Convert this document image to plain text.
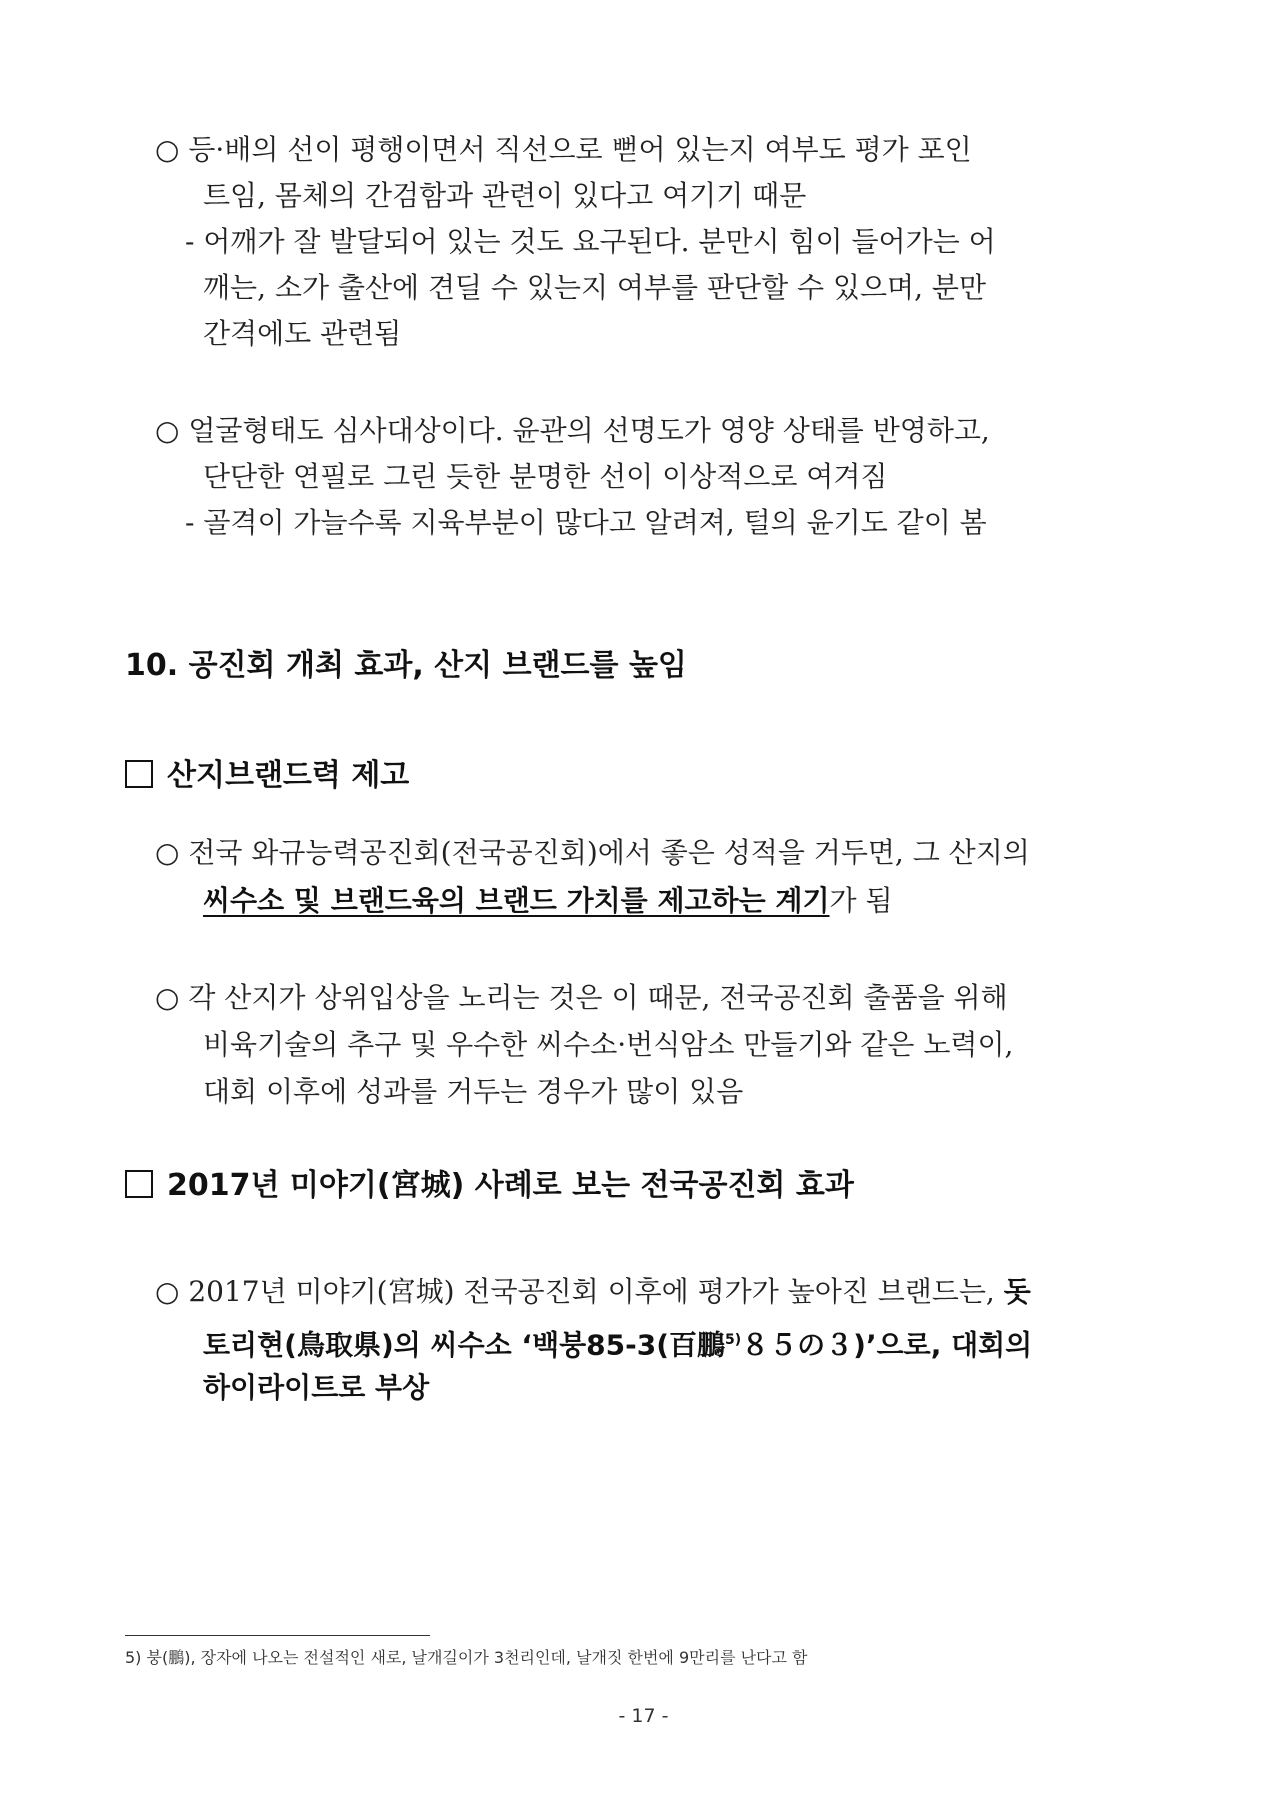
○ 등·배의 선이 평행이면서 직선으로 뻗어 있는지 여부도 평가 포인
트임, 몸체의 간검함과 관련이 있다고 여기기 때문
- 어깨가 잘 발달되어 있는 것도 요구된다. 분만시 힘이 들어가는 어
깨는, 소가 출산에 견딜 수 있는지 여부를 판단할 수 있으며, 분만
간격에도 관련됨
○ 얼굴형태도 심사대상이다. 윤관의 선명도가 영양 상태를 반영하고,
단단한 연필로 그린 듯한 분명한 선이 이상적으로 여겨짐
- 골격이 가늘수록 지육부분이 많다고 알려져, 털의 윤기도 같이 봄
10. 공진회 개최 효과, 산지 브랜드를 높임
산지브랜드력 제고
○ 전국 와규능력공진회(전국공진회)에서 좋은 성적을 거두면, 그 산지의
씨수소 및 브랜드육의 브랜드 가치를 제고하는 계기가 됨
○ 각 산지가 상위입상을 노리는 것은 이 때문, 전국공진회 출품을 위해
비육기술의 추구 및 우수한 씨수소·번식암소 만들기와 같은 노력이,
대회 이후에 성과를 거두는 경우가 많이 있음
2017년 미야기(宮城) 사례로 보는 전국공진회 효과
○ 2017년 미야기(宮城) 전국공진회 이후에 평가가 높아진 브랜드는, 돗
토리현(鳥取県)의 씨수소 ‘백붕85-3(百鵬$^{5)}$８５の３)’으로, 대회의
하이라이트로 부상
5) 붕(鵬), 장자에 나오는 전설적인 새로, 날개길이가 3천리인데, 날개짓 한번에 9만리를 난다고 함
- 17 -
